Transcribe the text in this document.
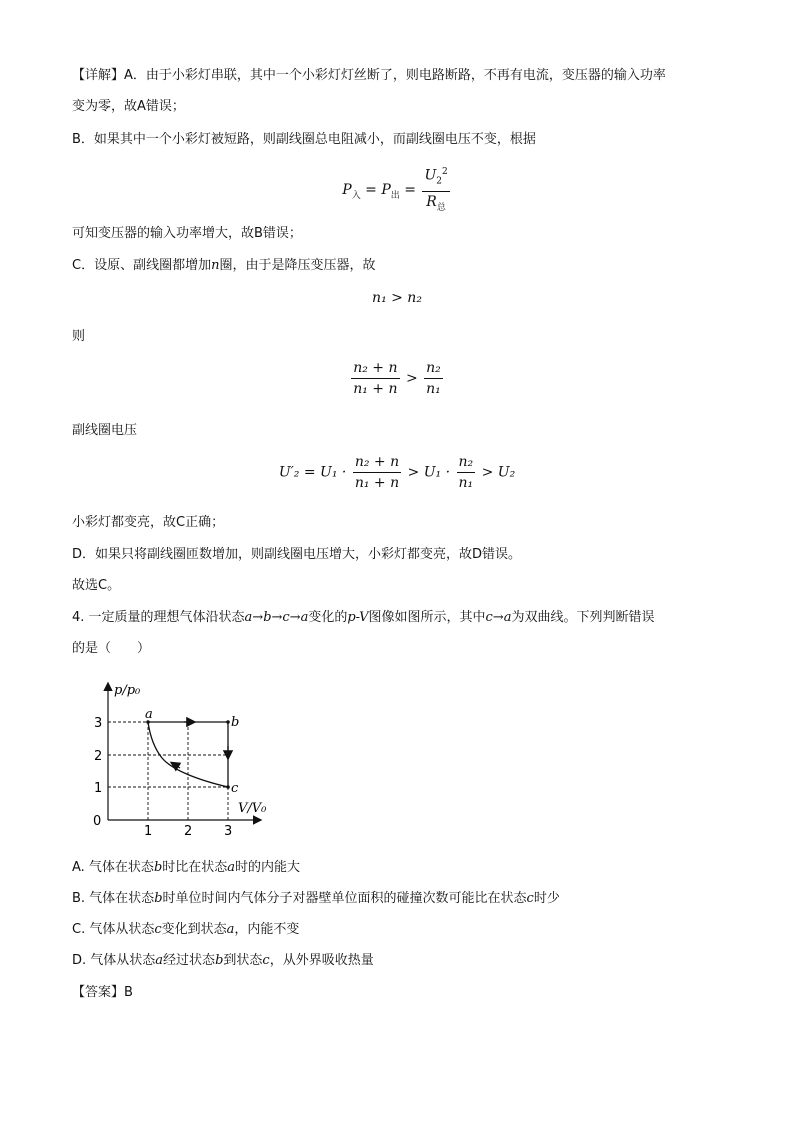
【详解】A．由于小彩灯串联，其中一个小彩灯灯丝断了，则电路断路，不再有电流，变压器的输入功率
变为零，故A错误；
B．如果其中一个小彩灯被短路，则副线圈总电阻减小，而副线圈电压不变，根据
$P_入 = P_出 = \frac{U_2^2}{R_总}$
可知变压器的输入功率增大，故B错误；
C．设原、副线圈都增加n圈，由于是降压变压器，故
n₁ > n₂
则
$\frac{\text{n₂ + n}}{\text{n₁ + n}} > \frac{\text{n₂}}{\text{n₁}}$
副线圈电压
$U'_2 = U_1 \cdot \frac{\text{n₂ + n}}{\text{n₁ + n}} > U_1 \cdot \frac{\text{n₂}}{\text{n₁}} > U_2$
小彩灯都变亮，故C正确；
D．如果只将副线圈匝数增加，则副线圈电压增大，小彩灯都变亮，故D错误。
故选C。
4. 一定质量的理想气体沿状态a→b→c→a变化的p-V图像如图所示，其中c→a为双曲线。下列判断错误
的是（　　）
p/p₀
V/V₀
0
1
2
3
1 2 3
a
b
c
A. 气体在状态b时比在状态a时的内能大
B. 气体在状态b时单位时间内气体分子对器壁单位面积的碰撞次数可能比在状态c时少
C. 气体从状态c变化到状态a，内能不变
D. 气体从状态a经过状态b到状态c，从外界吸收热量
【答案】B
